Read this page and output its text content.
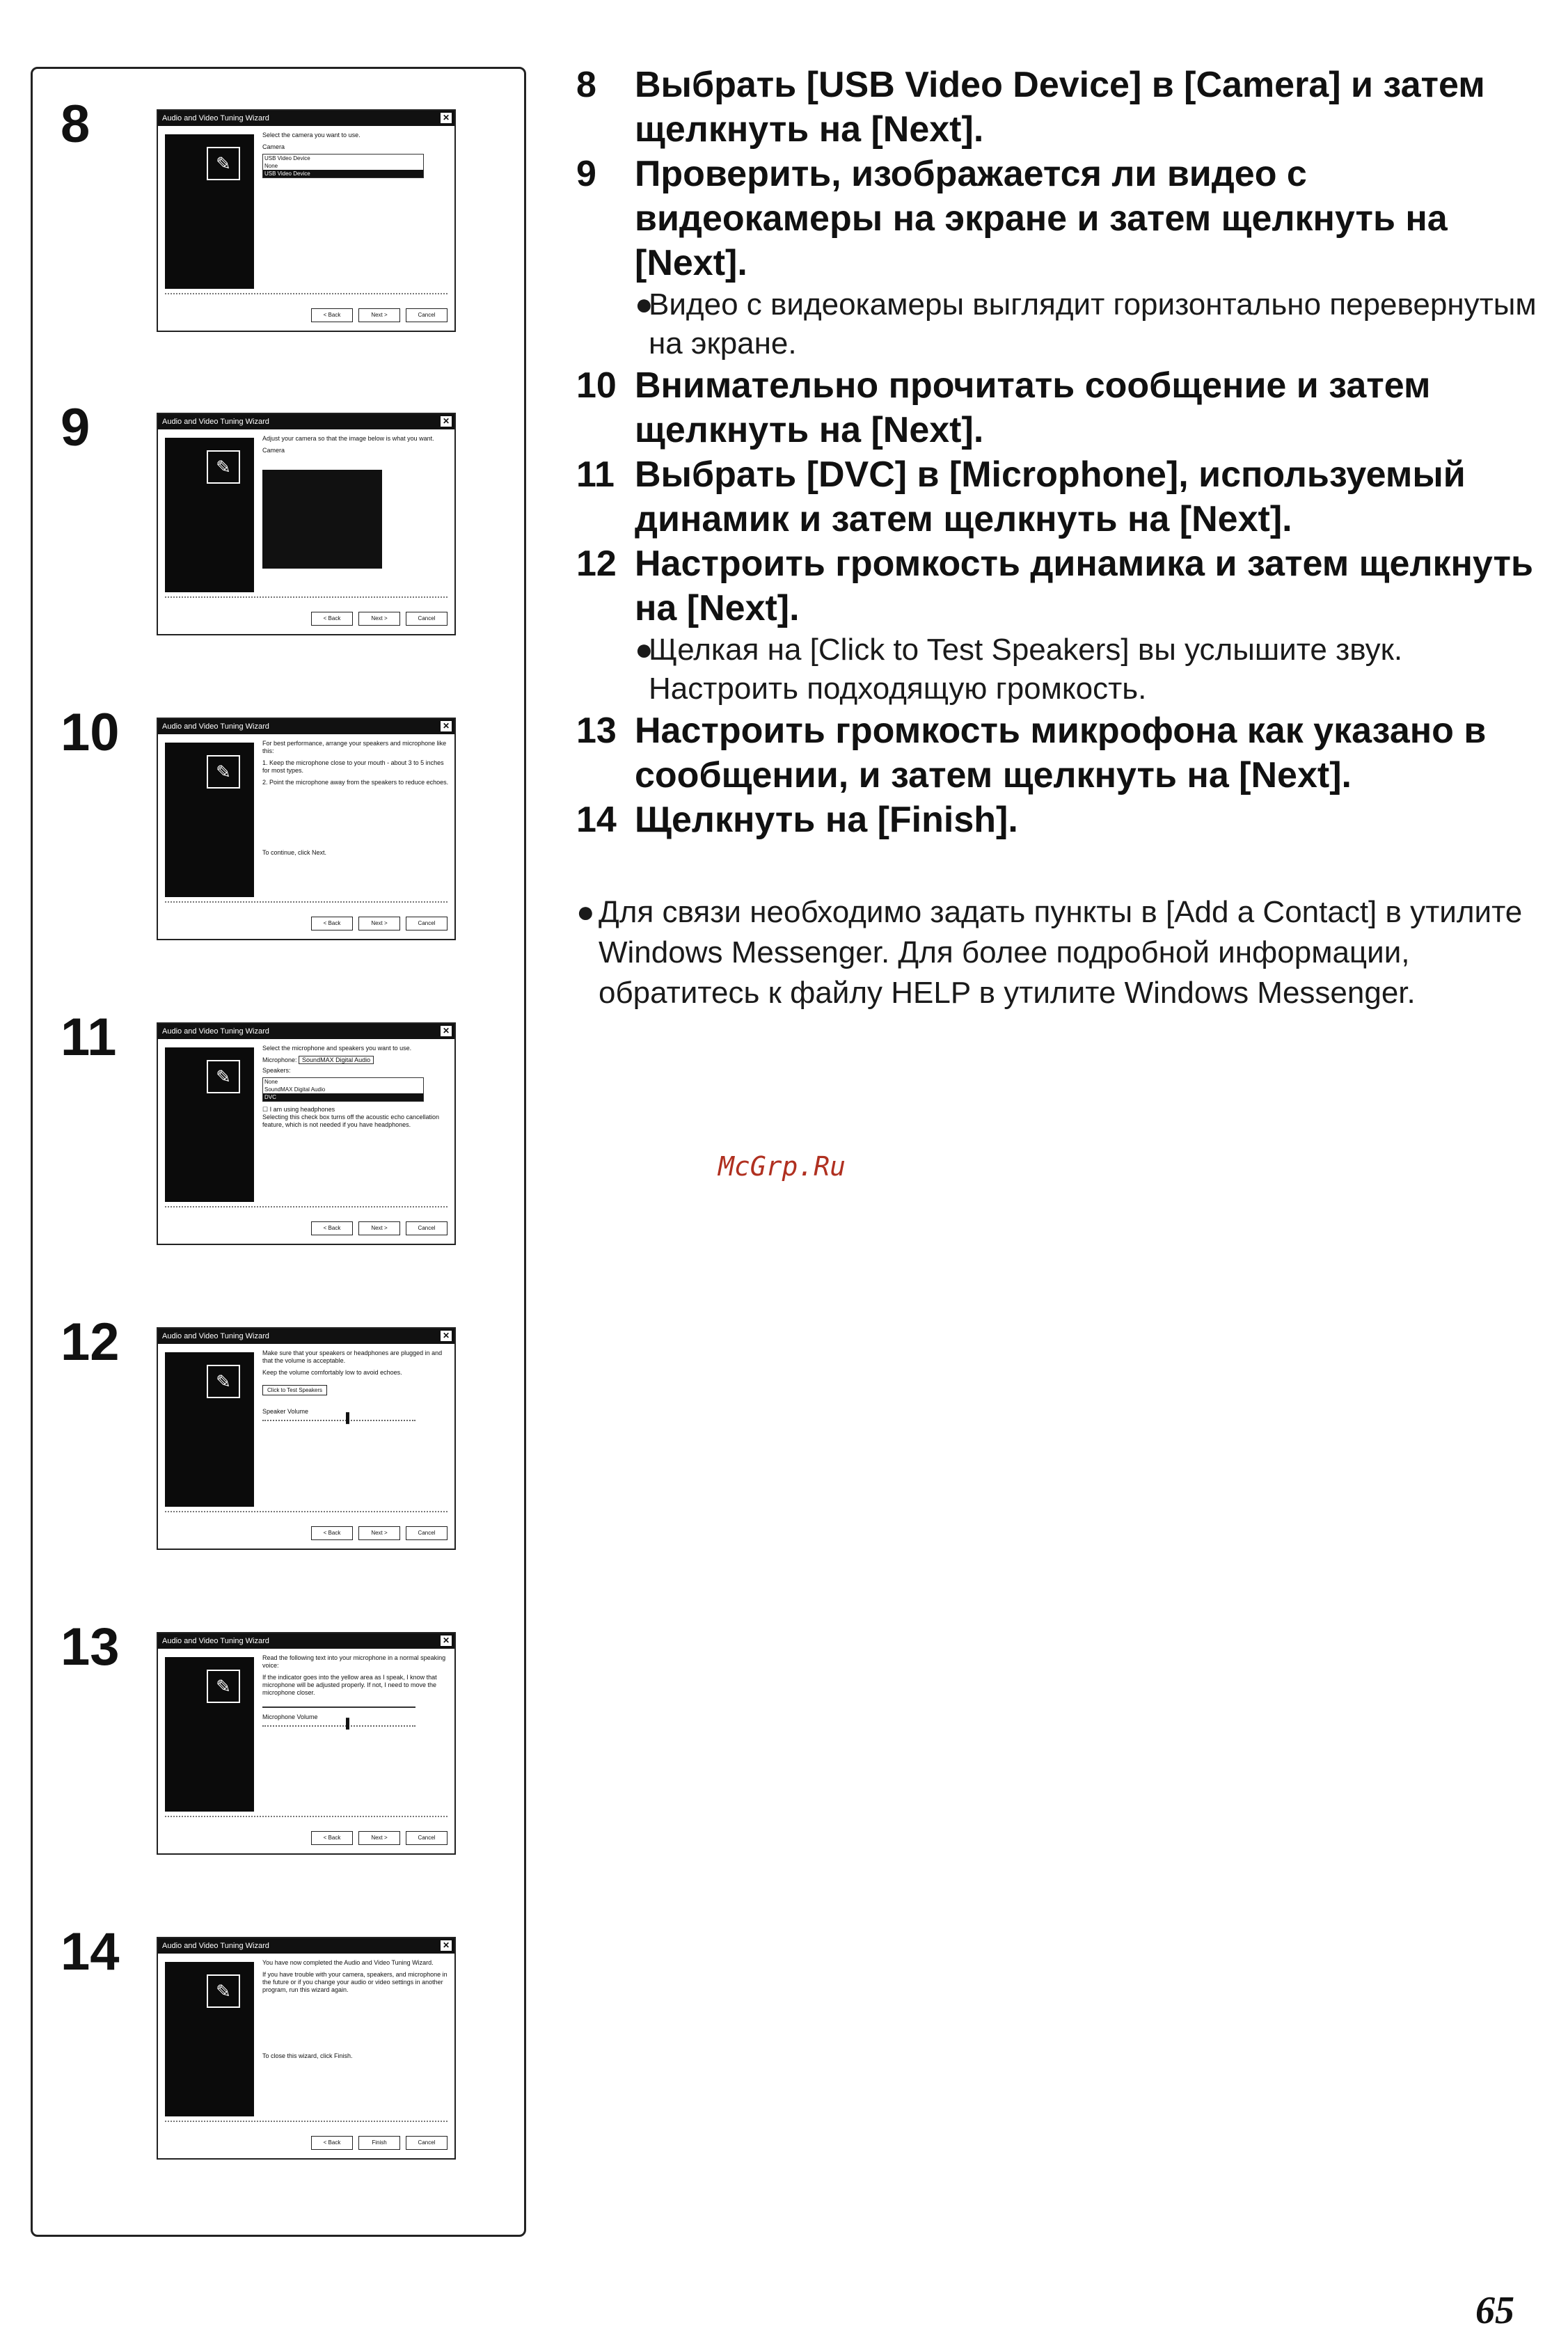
8	Audio and Video Tuning Wizard	✕
✎

Select the camera you want to use.

Camera
USB Video Device
None
USB Video Device
< Back	Next >	Cancel
9	Audio and Video Tuning Wizard	✕
✎

Adjust your camera so that the image below is what you want.

Camera
< Back	Next >	Cancel
10	Audio and Video Tuning Wizard	✕
✎

For best performance, arrange your speakers and microphone like this:

1. Keep the microphone close to your mouth - about 3 to 5 inches for most types.

2. Point the microphone away from the speakers to reduce echoes.

To continue, click Next.

< Back	Next >	Cancel
11	Audio and Video Tuning Wizard	✕
✎

Select the microphone and speakers you want to use.

Microphone: SoundMAX Digital Audio
Speakers:
None
SoundMAX Digital Audio
DVC
☐ I am using headphones

Selecting this check box turns off the acoustic echo cancellation feature, which is not needed if you have headphones.

< Back	Next >	Cancel
12	Audio and Video Tuning Wizard	✕
✎

Make sure that your speakers or headphones are plugged in and that the volume is acceptable.

Keep the volume comfortably low to avoid echoes.

Click to Test Speakers
Speaker Volume
▌
< Back	Next >	Cancel
13	Audio and Video Tuning Wizard	✕
✎

Read the following text into your microphone in a normal speaking voice:

If the indicator goes into the yellow area as I speak, I know that microphone will be adjusted properly. If not, I need to move the microphone closer.

Microphone Volume
▌
< Back	Next >	Cancel
14	Audio and Video Tuning Wizard	✕
✎

You have now completed the Audio and Video Tuning Wizard.

If you have trouble with your camera, speakers, and microphone in the future or if you change your audio or video settings in another program, run this wizard again.

To close this wizard, click Finish.

< Back	Finish	Cancel
8 Выбрать [USB Video Device] в [Camera] и затем щелкнуть на [Next].
9 Проверить, изображается ли видео с видеокамеры на экране и затем щелкнуть на [Next].
●
Видео с видеокамеры выглядит горизонтально перевернутым на экране.
10 Внимательно прочитать сообщение и затем щелкнуть на [Next].
11 Выбрать [DVC] в [Microphone], используемый динамик и затем щелкнуть на [Next].
12 Настроить громкость динамика и затем щелкнуть на [Next].
●
Щелкая на [Click to Test Speakers] вы услышите звук. Настроить подходящую громкость.
13 Настроить громкость микрофона как указано в сообщении, и затем щелкнуть на [Next].
14 Щелкнуть на [Finish].
● Для связи необходимо задать пункты в [Add a Contact] в утилите Windows Messenger. Для более подробной информации, обратитесь к файлу HELP в утилите Windows Messenger.
McGrp.Ru
65
